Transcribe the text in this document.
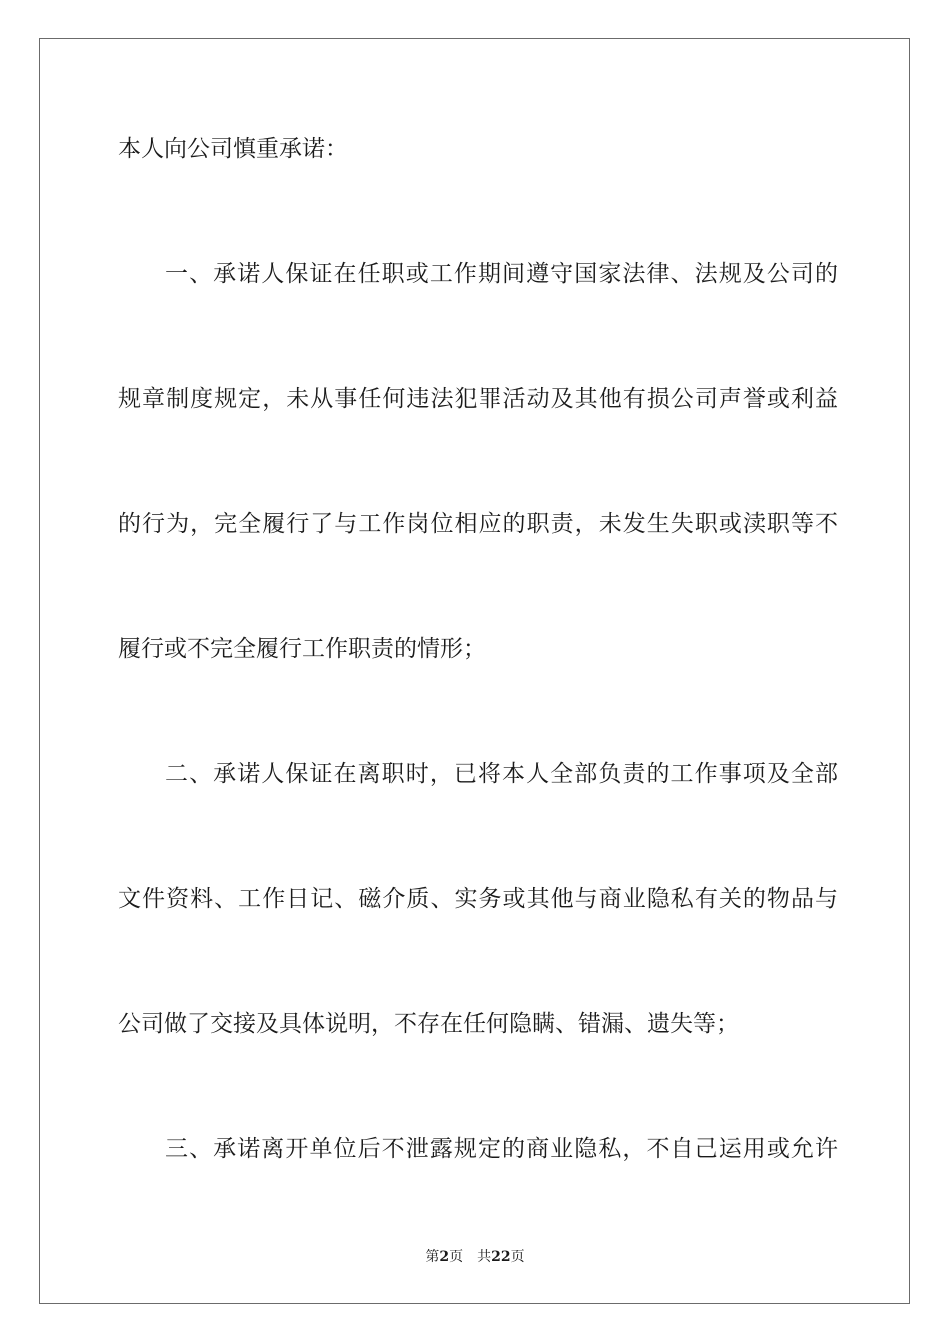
本人向公司慎重承诺：

一、承诺人保证在任职或工作期间遵守国家法律、法规及公司的

规章制度规定，未从事任何违法犯罪活动及其他有损公司声誉或利益

的行为，完全履行了与工作岗位相应的职责，未发生失职或渎职等不

履行或不完全履行工作职责的情形；

二、承诺人保证在离职时，已将本人全部负责的工作事项及全部

文件资料、工作日记、磁介质、实务或其他与商业隐私有关的物品与

公司做了交接及具体说明，不存在任何隐瞒、错漏、遗失等；

三、承诺离开单位后不泄露规定的商业隐私，不自己运用或允许

第2页 共22页
